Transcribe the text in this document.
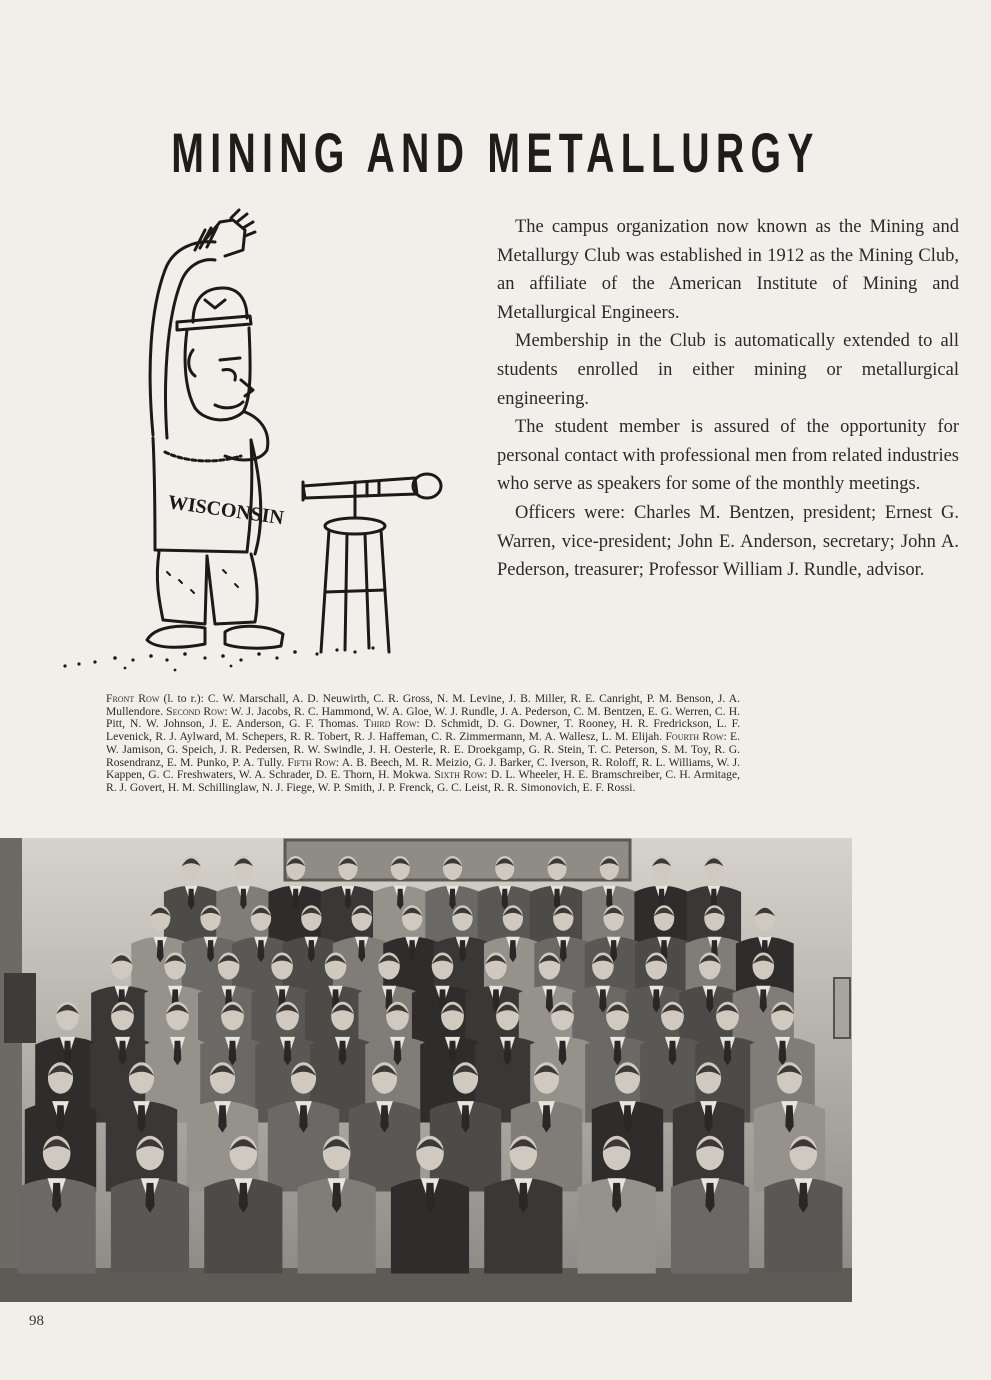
MINING AND METALLURGY
WISCONSIN

The campus organization now known as the Mining and Metallurgy Club was established in 1912 as the Mining Club, an affiliate of the American Institute of Mining and Metallurgical Engineers.

Membership in the Club is automatically extended to all students enrolled in either mining or metallurgical engineering.

The student member is assured of the opportunity for personal contact with professional men from related industries who serve as speakers for some of the monthly meetings.

Officers were: Charles M. Bentzen, president; Ernest G. Warren, vice-president; John E. Anderson, secretary; John A. Pederson, treasurer; Professor William J. Rundle, advisor.

Front Row (l. to r.): C. W. Marschall, A. D. Neuwirth, C. R. Gross, N. M. Levine, J. B. Miller, R. E. Canright, P. M. Benson, J. A. Mullendore. Second Row: W. J. Jacobs, R. C. Hammond, W. A. Gloe, W. J. Rundle, J. A. Pederson, C. M. Bentzen, E. G. Werren, C. H. Pitt, N. W. Johnson, J. E. Anderson, G. F. Thomas. Third Row: D. Schmidt, D. G. Downer, T. Rooney, H. R. Fredrickson, L. F. Levenick, R. J. Aylward, M. Schepers, R. R. Tobert, R. J. Haffeman, C. R. Zimmermann, M. A. Wallesz, L. M. Elijah. Fourth Row: E. W. Jamison, G. Speich, J. R. Pedersen, R. W. Swindle, J. H. Oesterle, R. E. Droekgamp, G. R. Stein, T. C. Peterson, S. M. Toy, R. G. Rosendranz, E. M. Punko, P. A. Tully. Fifth Row: A. B. Beech, M. R. Meizio, G. J. Barker, C. Iverson, R. Roloff, R. L. Williams, W. J. Kappen, G. C. Freshwaters, W. A. Schrader, D. E. Thorn, H. Mokwa. Sixth Row: D. L. Wheeler, H. E. Bramschreiber, C. H. Armitage, R. J. Govert, H. M. Schillinglaw, N. J. Fiege, W. P. Smith, J. P. Frenck, G. C. Leist, R. R. Simonovich, E. F. Rossi.
98
